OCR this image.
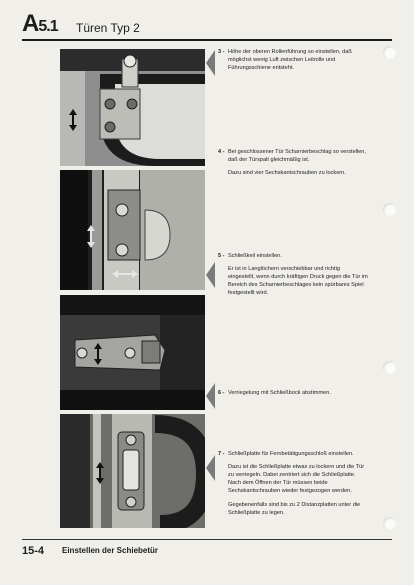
A5.1 Türen Typ 2
3 - Höhe der oberen Rollenführung so einstellen, daß möglichst wenig Luft zwischen Leitrolle und Führungsschiene entsteht.

4 - Bei geschlossener Tür Scharnierbeschlag so verstellen, daß der Türspalt gleichmäßig ist.

Dazu sind vier Sechskantschrauben zu lockern.

5 - Schließkeil einstellen.

Er ist in Langlöchern verschiebbar und richtig eingestellt, wenn durch kräftigen Druck gegen die Tür im Bereich des Scharnierbeschlages kein spürbares Spiel festgestellt wird.

6 - Verriegelung mit Schließbock abstimmen.

7 - Schließplatte für Fernbetätigungsschloß einstellen.

Dazu ist die Schließplatte etwas zu lockern und die Tür zu verriegeln. Dabei zentriert sich die Schließplatte. Nach dem Öffnen der Tür müssen beide Sechskantschrauben wieder festgezogen werden.

Gegebenenfalls sind bis zu 2 Distanzplatten unter die Schließplatte zu legen.

15-4 Einstellen der Schiebetür
